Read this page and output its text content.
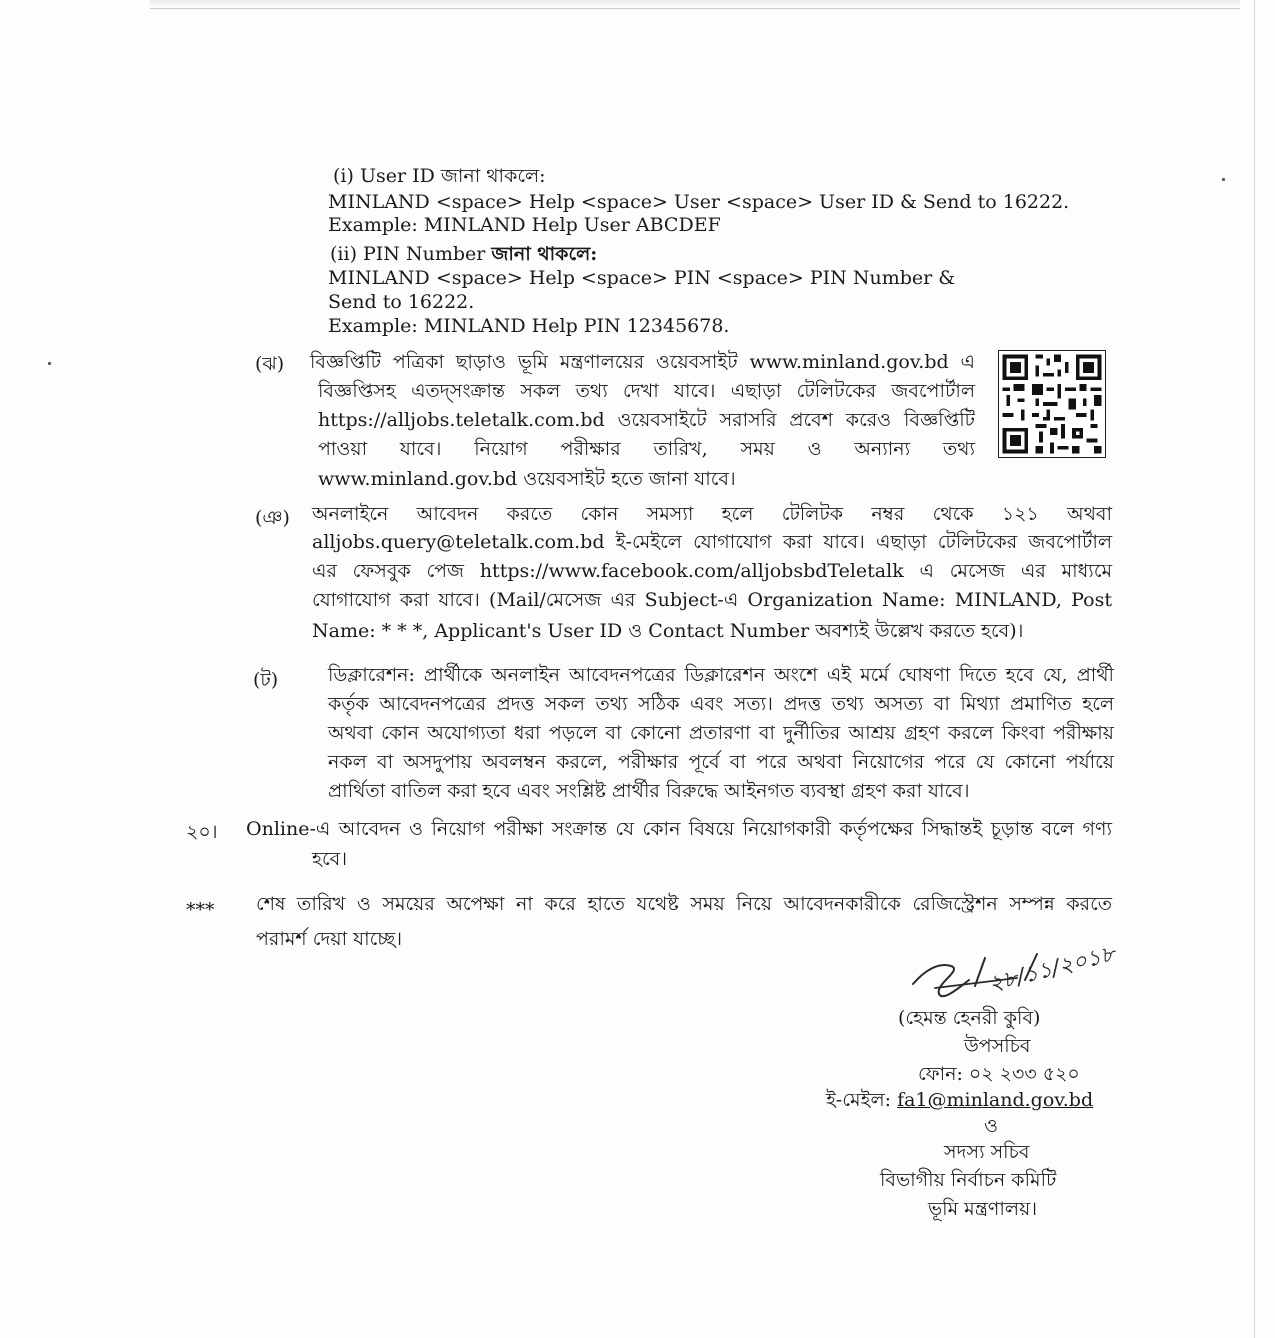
(i) User ID জানা থাকলে:
MINLAND <space> Help <space> User <space> User ID & Send to 16222.
Example: MINLAND Help User ABCDEF
(ii) PIN Number জানা থাকলে:
MINLAND <space> Help <space> PIN <space> PIN Number &
Send to 16222.
Example: MINLAND Help PIN 12345678.
(ঝ) বিজ্ঞপ্তিটি পত্রিকা ছাড়াও ভূমি মন্ত্রণালয়ের ওয়েবসাইট www.minland.gov.bd এ
বিজ্ঞপ্তিসহ এতদ্‌সংক্রান্ত সকল তথ্য দেখা যাবে। এছাড়া টেলিটকের জবপোর্টাল
https://alljobs.teletalk.com.bd ওয়েবসাইটে সরাসরি প্রবেশ করেও বিজ্ঞপ্তিটি
পাওয়া যাবে। নিয়োগ পরীক্ষার তারিখ, সময় ও অন্যান্য তথ্য
www.minland.gov.bd ওয়েবসাইট হতে জানা যাবে।
(ঞ) অনলাইনে আবেদন করতে কোন সমস্যা হলে টেলিটক নম্বর থেকে ১২১ অথবা
alljobs.query@teletalk.com.bd ই-মেইলে যোগাযোগ করা যাবে। এছাড়া টেলিটকের জবপোর্টাল
এর ফেসবুক পেজ https://www.facebook.com/alljobsbdTeletalk এ মেসেজ এর মাধ্যমে
যোগাযোগ করা যাবে। (Mail/মেসেজ এর Subject-এ Organization Name: MINLAND, Post
Name: * * *, Applicant's User ID ও Contact Number অবশ্যই উল্লেখ করতে হবে)।
(ট)	ডিক্লারেশন: প্রার্থীকে অনলাইন আবেদনপত্রের ডিক্লারেশন অংশে এই মর্মে ঘোষণা দিতে হবে যে, প্রার্থী
কর্তৃক আবেদনপত্রের প্রদত্ত সকল তথ্য সঠিক এবং সত্য। প্রদত্ত তথ্য অসত্য বা মিথ্যা প্রমাণিত হলে
অথবা কোন অযোগ্যতা ধরা পড়লে বা কোনো প্রতারণা বা দুর্নীতির আশ্রয় গ্রহণ করলে কিংবা পরীক্ষায়
নকল বা অসদুপায় অবলম্বন করলে, পরীক্ষার পূর্বে বা পরে অথবা নিয়োগের পরে যে কোনো পর্যায়ে
প্রার্থিতা বাতিল করা হবে এবং সংশ্লিষ্ট প্রার্থীর বিরুদ্ধে আইনগত ব্যবস্থা গ্রহণ করা যাবে।
২০। Online-এ আবেদন ও নিয়োগ পরীক্ষা সংক্রান্ত যে কোন বিষয়ে নিয়োগকারী কর্তৃপক্ষের সিদ্ধান্তই চূড়ান্ত বলে গণ্য
হবে।
*** শেষ তারিখ ও সময়ের অপেক্ষা না করে হাতে যথেষ্ট সময় নিয়ে আবেদনকারীকে রেজিস্ট্রেশন সম্পন্ন করতে
পরামর্শ দেয়া যাচ্ছে।
২৮/১১/২০১৮
(হেমন্ত হেনরী কুবি)
উপসচিব
ফোন: ০২ ২৩৩ ৫২০
ই-মেইল: fa1@minland.gov.bd
ও
সদস্য সচিব
বিভাগীয় নির্বাচন কমিটি
ভূমি মন্ত্রণালয়।
